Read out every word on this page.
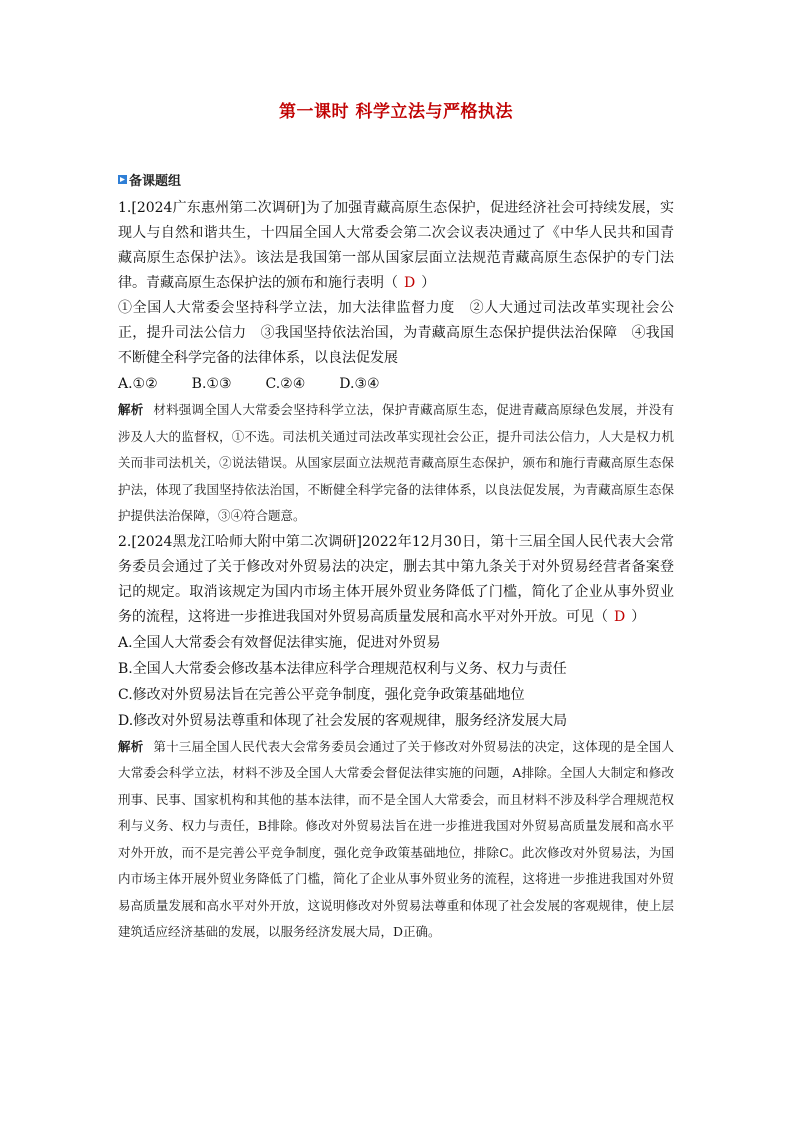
第一课时 科学立法与严格执法
备课题组

1.[2024广东惠州第二次调研]为了加强青藏高原生态保护，促进经济社会可持续发展，实现人与自然和谐共生，十四届全国人大常委会第二次会议表决通过了《中华人民共和国青藏高原生态保护法》。该法是我国第一部从国家层面立法规范青藏高原生态保护的专门法律。青藏高原生态保护法的颁布和施行表明（ D ）

①全国人大常委会坚持科学立法，加大法律监督力度　②人大通过司法改革实现社会公正，提升司法公信力　③我国坚持依法治国，为青藏高原生态保护提供法治保障　④我国不断健全科学完备的法律体系，以良法促发展

A.①② B.①③ C.②④ D.③④

解析 材料强调全国人大常委会坚持科学立法，保护青藏高原生态，促进青藏高原绿色发展，并没有涉及人大的监督权，①不选。司法机关通过司法改革实现社会公正，提升司法公信力，人大是权力机关而非司法机关，②说法错误。从国家层面立法规范青藏高原生态保护，颁布和施行青藏高原生态保护法，体现了我国坚持依法治国，不断健全科学完备的法律体系，以良法促发展，为青藏高原生态保护提供法治保障，③④符合题意。

2.[2024黑龙江哈师大附中第二次调研]2022年12月30日，第十三届全国人民代表大会常务委员会通过了关于修改对外贸易法的决定，删去其中第九条关于对外贸易经营者备案登记的规定。取消该规定为国内市场主体开展外贸业务降低了门槛，简化了企业从事外贸业务的流程，这将进一步推进我国对外贸易高质量发展和高水平对外开放。可见（ D ）

A.全国人大常委会有效督促法律实施，促进对外贸易

B.全国人大常委会修改基本法律应科学合理规范权利与义务、权力与责任

C.修改对外贸易法旨在完善公平竞争制度，强化竞争政策基础地位

D.修改对外贸易法尊重和体现了社会发展的客观规律，服务经济发展大局

解析 第十三届全国人民代表大会常务委员会通过了关于修改对外贸易法的决定，这体现的是全国人大常委会科学立法，材料不涉及全国人大常委会督促法律实施的问题，A排除。全国人大制定和修改刑事、民事、国家机构和其他的基本法律，而不是全国人大常委会，而且材料不涉及科学合理规范权利与义务、权力与责任，B排除。修改对外贸易法旨在进一步推进我国对外贸易高质量发展和高水平对外开放，而不是完善公平竞争制度，强化竞争政策基础地位，排除C。此次修改对外贸易法，为国内市场主体开展外贸业务降低了门槛，简化了企业从事外贸业务的流程，这将进一步推进我国对外贸易高质量发展和高水平对外开放，这说明修改对外贸易法尊重和体现了社会发展的客观规律，使上层建筑适应经济基础的发展，以服务经济发展大局，D正确。
